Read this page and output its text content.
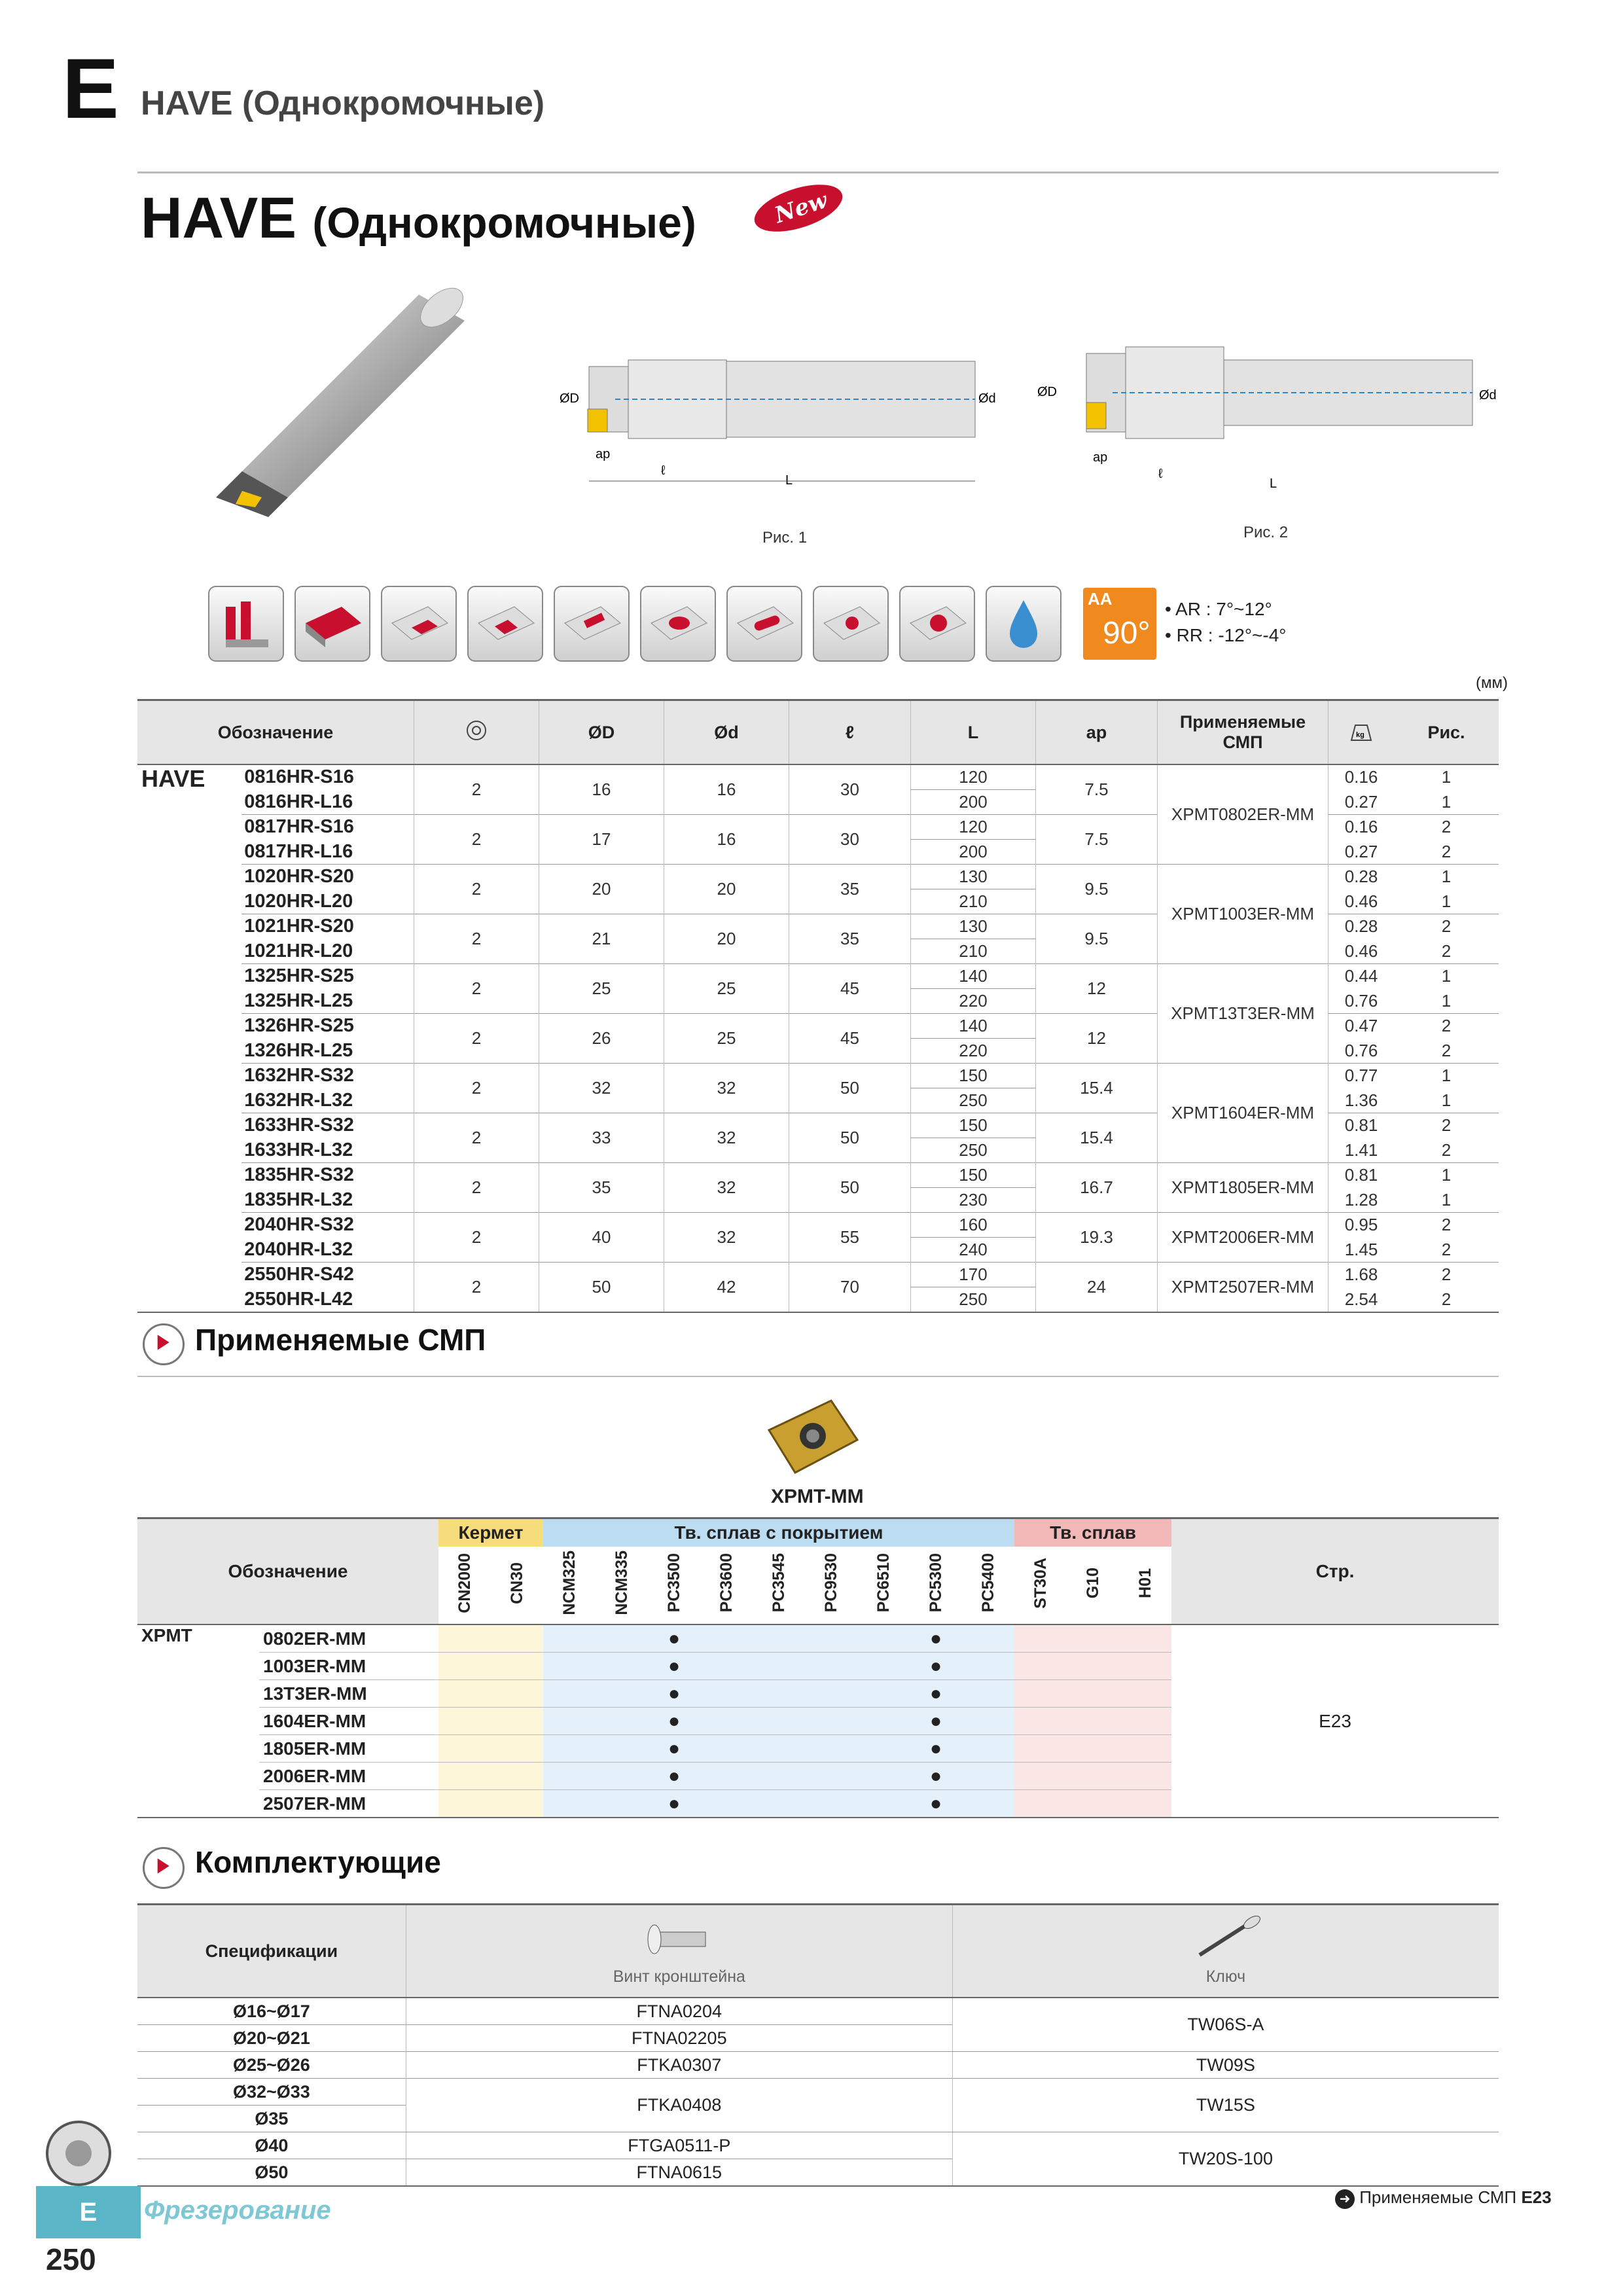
E HAVE (Однокромочные)
HAVE (Однокромочные)	New
ØD	Ød
ap
ℓ
L
Рис. 1
ØD	Ød
ap
ℓ
L
Рис. 2
AA
90°
• AR : 7°~12°
• RR : -12°~-4°
(мм)
Обозначение			ØD	Ød	ℓ	L	ap	Применяемые СМП	kg	Рис.
HAVE	0816HR-S16	2	16	16	30	120	7.5	XPMT0802ER-MM	0.16	1
	0816HR-L16					200			0.27	1
	0817HR-S16	2	17	16	30	120	7.5		0.16	2
	0817HR-L16					200			0.27	2
	1020HR-S20	2	20	20	35	130	9.5	XPMT1003ER-MM	0.28	1
	1020HR-L20					210			0.46	1
	1021HR-S20	2	21	20	35	130	9.5		0.28	2
	1021HR-L20					210			0.46	2
	1325HR-S25	2	25	25	45	140	12	XPMT13T3ER-MM	0.44	1
	1325HR-L25					220			0.76	1
	1326HR-S25	2	26	25	45	140	12		0.47	2
	1326HR-L25					220			0.76	2
	1632HR-S32	2	32	32	50	150	15.4	XPMT1604ER-MM	0.77	1
	1632HR-L32					250			1.36	1
	1633HR-S32	2	33	32	50	150	15.4		0.81	2
	1633HR-L32					250			1.41	2
	1835HR-S32	2	35	32	50	150	16.7	XPMT1805ER-MM	0.81	1
	1835HR-L32					230			1.28	1
	2040HR-S32	2	40	32	55	160	19.3	XPMT2006ER-MM	0.95	2
	2040HR-L32					240			1.45	2
	2550HR-S42	2	50	42	70	170	24	XPMT2507ER-MM	1.68	2
	2550HR-L42					250			2.54	2
Применяемые СМП
XPMT-MM
Обозначение		Кермет		Тв. сплав с покрытием									Тв. сплав			Стр.
		CN2000	CN30	NCM325	NCM335	PC3500	PC3600	PC3545	PC9530	PC6510	PC5300	PC5400	ST30A	G10	H01	
XPMT	0802ER-MM					●					●					E23
	1003ER-MM					●					●					
	13T3ER-MM					●					●					
	1604ER-MM					●					●					
	1805ER-MM					●					●					
	2006ER-MM					●					●					
	2507ER-MM					●					●					
Комплектующие
Спецификации	Винт кронштейна	Ключ
Ø16~Ø17	FTNA0204	TW06S-A
Ø20~Ø21	FTNA02205	
Ø25~Ø26	FTKA0307	TW09S
Ø32~Ø33	FTKA0408	TW15S
Ø35		
Ø40	FTGA0511-P	TW20S-100
Ø50	FTNA0615	
E	Фрезерование
250
➜ Применяемые СМП E23
